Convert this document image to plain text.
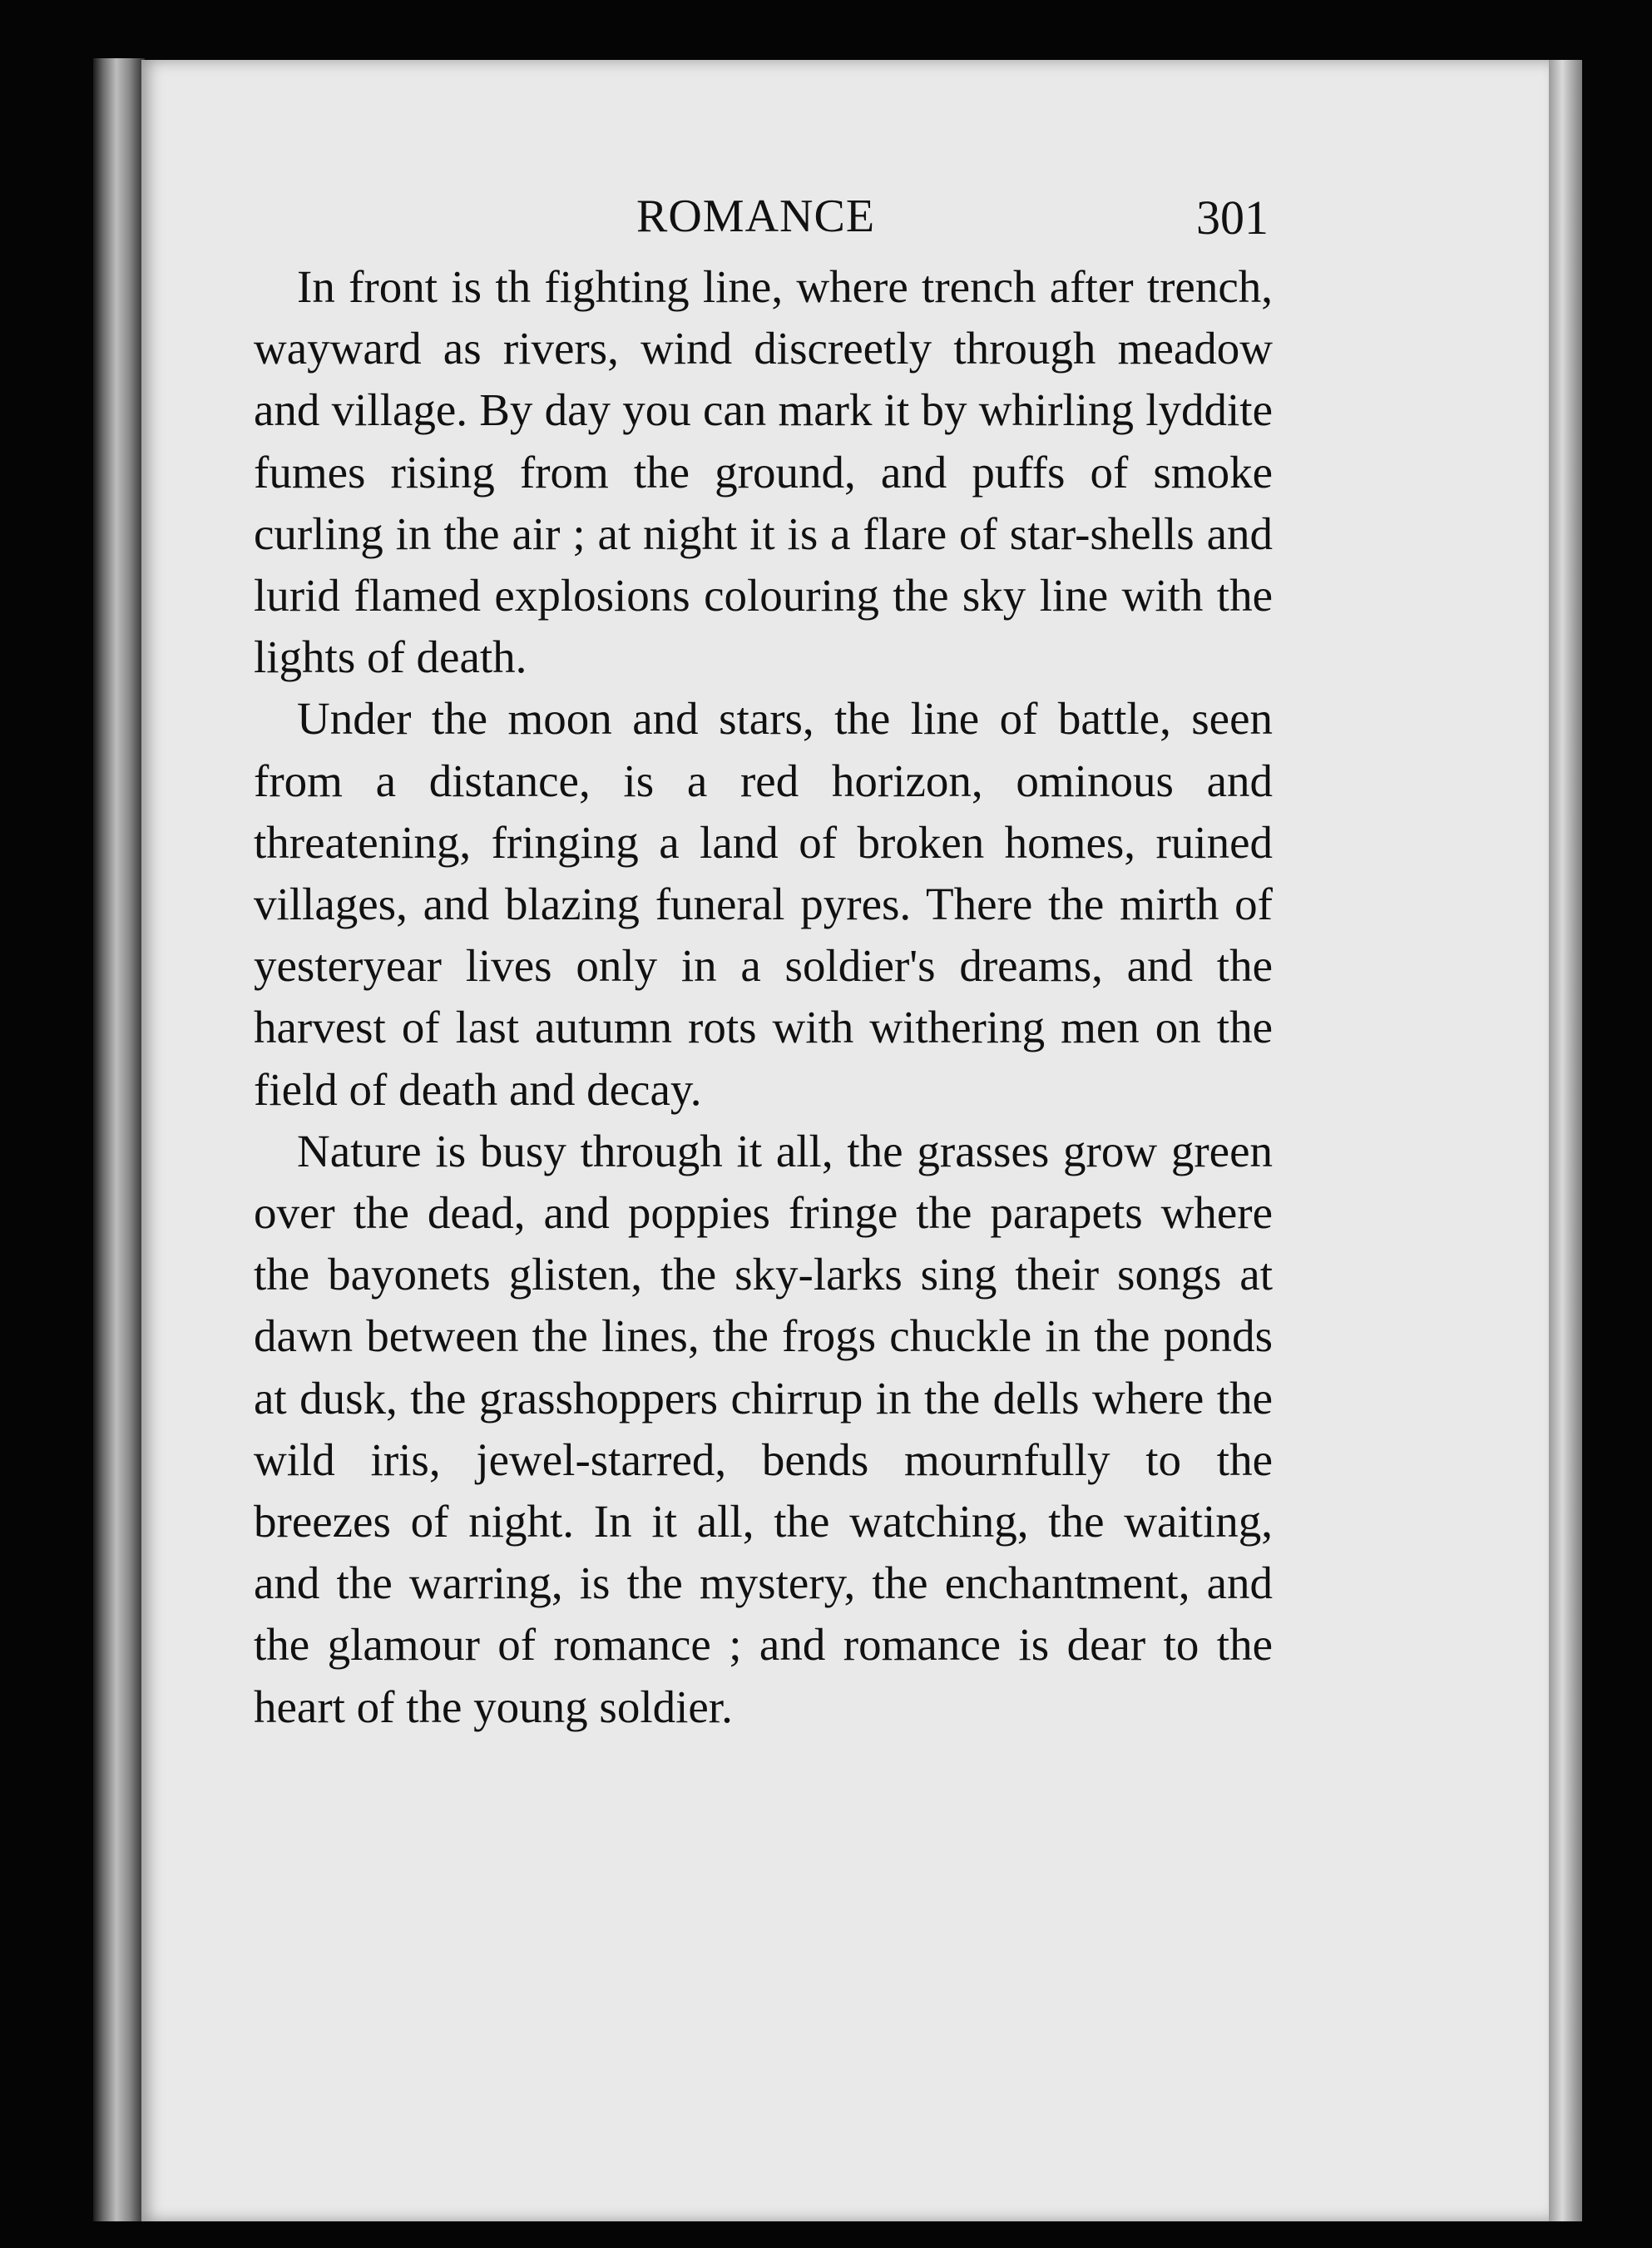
ROMANCE	301

In front is th fighting line, where trench after trench, wayward as rivers, wind discreetly through meadow and village. By day you can mark it by whirling lyddite fumes rising from the ground, and puffs of smoke curling in the air ; at night it is a flare of star-shells and lurid flamed explosions colouring the sky line with the lights of death.

Under the moon and stars, the line of battle, seen from a distance, is a red horizon, ominous and threatening, fringing a land of broken homes, ruined villages, and blazing funeral pyres. There the mirth of yesteryear lives only in a soldier's dreams, and the harvest of last autumn rots with withering men on the field of death and decay.

Nature is busy through it all, the grasses grow green over the dead, and poppies fringe the parapets where the bayonets glisten, the sky-larks sing their songs at dawn between the lines, the frogs chuckle in the ponds at dusk, the grasshoppers chirrup in the dells where the wild iris, jewel-starred, bends mournfully to the breezes of night. In it all, the watching, the waiting, and the warring, is the mystery, the enchantment, and the glamour of romance ; and romance is dear to the heart of the young soldier.
